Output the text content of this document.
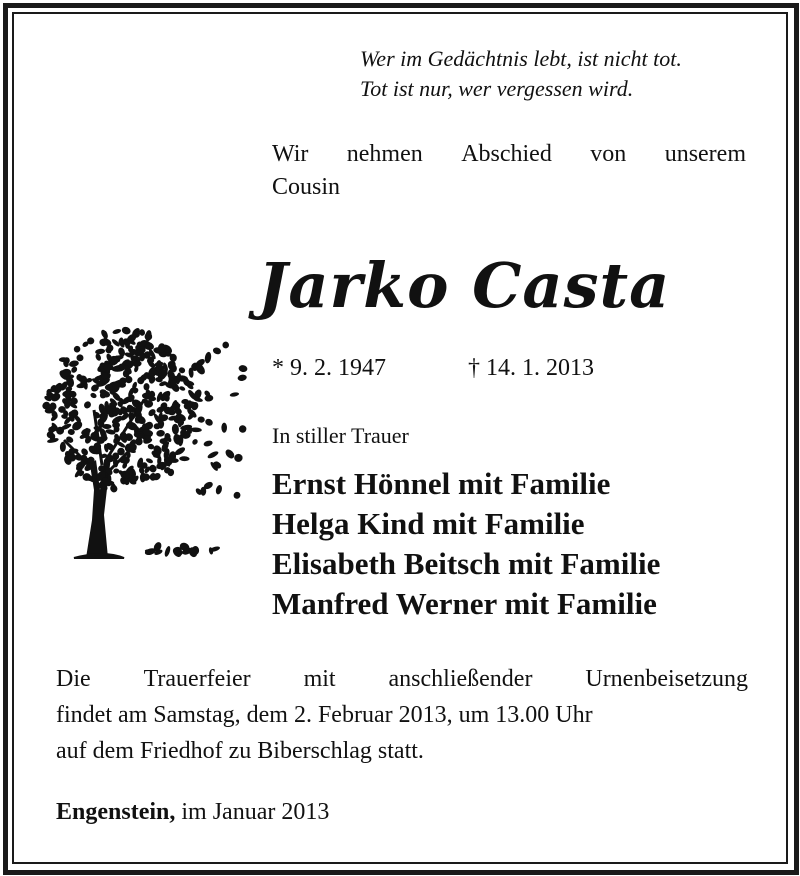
Wer im Gedächtnis lebt, ist nicht tot.
Tot ist nur, wer vergessen wird.
Wir nehmen Abschied von unserem
Cousin
Jarko Casta
* 9. 2. 1947	† 14. 1. 2013
In stiller Trauer
Ernst Hönnel mit Familie
Helga Kind mit Familie
Elisabeth Beitsch mit Familie
Manfred Werner mit Familie
Die Trauerfeier mit anschließender Urnenbeisetzung
findet am Samstag, dem 2. Februar 2013, um 13.00 Uhr
auf dem Friedhof zu Biberschlag statt.
Engenstein, im Januar 2013
